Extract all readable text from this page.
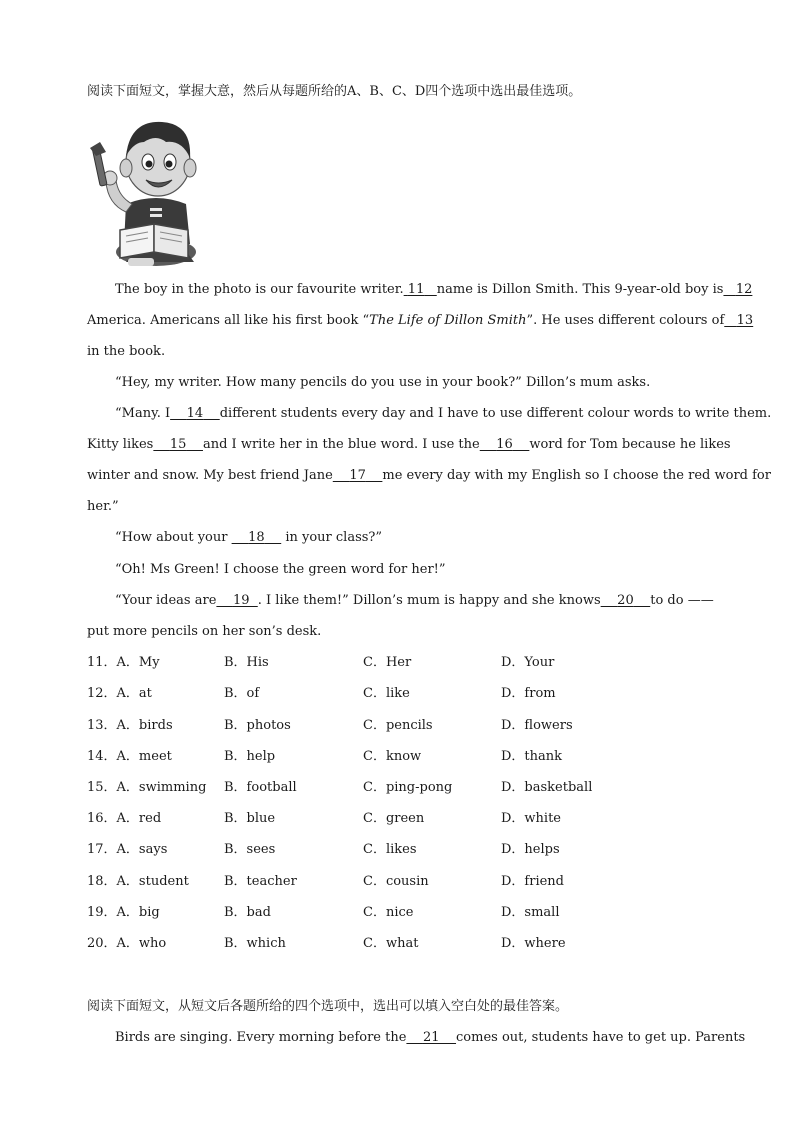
阅读下面短文，掌握大意，然后从每题所给的A、B、C、D四个选项中选出最佳选项。
The boy in the photo is our favourite writer. 11 name is Dillon Smith. This 9-year-old boy is 12
America. Americans all like his first book “ The Life of Dillon Smith ”. He uses different colours of 13
in the book.
“Hey, my writer. How many pencils do you use in your book?” Dillon’s mum asks.
“Many. I	14	different students every day and I have to use different colour words to write them.
Kitty likes	15	and I write her in the blue word. I use the	16	word for Tom because he likes
winter and snow. My best friend Jane	17	me every day with my English so I choose the red word for
her.”
“How about your     18     in your class?”
“Oh! Ms Green! I choose the green word for her!”
“Your ideas are	19 . I like them!” Dillon’s mum is happy and she knows	20	to do ——
put more pencils on her son’s desk.
11．A．My	B．His	C．Her	D．Your
12．A．at	B．of	C．like	D．from
13．A．birds	B．photos	C．pencils	D．flowers
14．A．meet	B．help	C．know	D．thank
15．A．swimming B．football	C．ping-pong	D．basketball
16．A．red	B．blue	C．green	D．white
17．A．says	B．sees	C．likes	D．helps
18．A．student	B．teacher	C．cousin	D．friend
19．A．big	B．bad	C．nice	D．small
20．A．who	B．which	C．what	D．where
阅读下面短文，从短文后各题所给的四个选项中，选出可以填入空白处的最佳答案。
Birds are singing. Every morning before the	21	comes out, students have to get up. Parents
